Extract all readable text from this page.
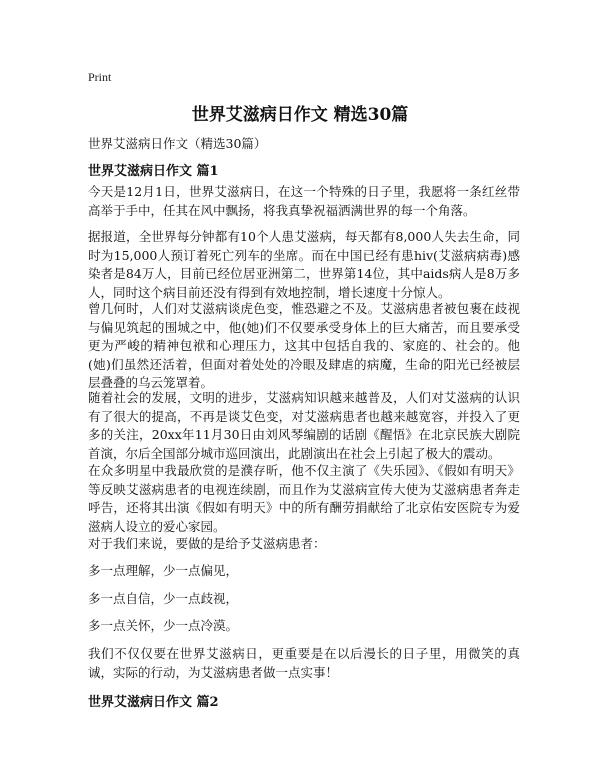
Print
世界艾滋病日作文 精选30篇

世界艾滋病日作文（精选30篇）

世界艾滋病日作文 篇1

今天是12月1日，世界艾滋病日，在这一个特殊的日子里，我愿将一条红丝带高举于手中，任其在风中飘扬，将我真挚祝福洒满世界的每一个角落。

据报道，全世界每分钟都有10个人患艾滋病，每天都有8,000人失去生命，同时为15,000人预订着死亡列车的坐席。而在中国已经有患hiv(艾滋病病毒)感染者是84万人，目前已经位居亚洲第二，世界第14位，其中aids病人是8万多人，同时这个病目前还没有得到有效地控制，增长速度十分惊人。

曾几何时，人们对艾滋病谈虎色变，惟恐避之不及。艾滋病患者被包裹在歧视与偏见筑起的围城之中，他(她)们不仅要承受身体上的巨大痛苦，而且要承受更为严峻的精神包袱和心理压力，这其中包括自我的、家庭的、社会的。他(她)们虽然还活着，但面对着处处的冷眼及肆虐的病魔，生命的阳光已经被层层叠叠的乌云笼罩着。

随着社会的发展，文明的进步，艾滋病知识越来越普及，人们对艾滋病的认识有了很大的提高，不再是谈艾色变，对艾滋病患者也越来越宽容，并投入了更多的关注，20xx年11月30日由刘风琴编剧的话剧《醒悟》在北京民族大剧院首演，尔后全国部分城市巡回演出，此剧演出在社会上引起了极大的震动。

在众多明星中我最欣赏的是濮存昕，他不仅主演了《失乐园》、《假如有明天》等反映艾滋病患者的电视连续剧，而且作为艾滋病宣传大使为艾滋病患者奔走呼告，还将其出演《假如有明天》中的所有酬劳捐献给了北京佑安医院专为爱滋病人设立的爱心家园。

对于我们来说，要做的是给予艾滋病患者：

多一点理解，少一点偏见，

多一点自信，少一点歧视，

多一点关怀，少一点冷漠。

我们不仅仅要在世界艾滋病日，更重要是在以后漫长的日子里，用微笑的真诚，实际的行动，为艾滋病患者做一点实事！

世界艾滋病日作文 篇2
